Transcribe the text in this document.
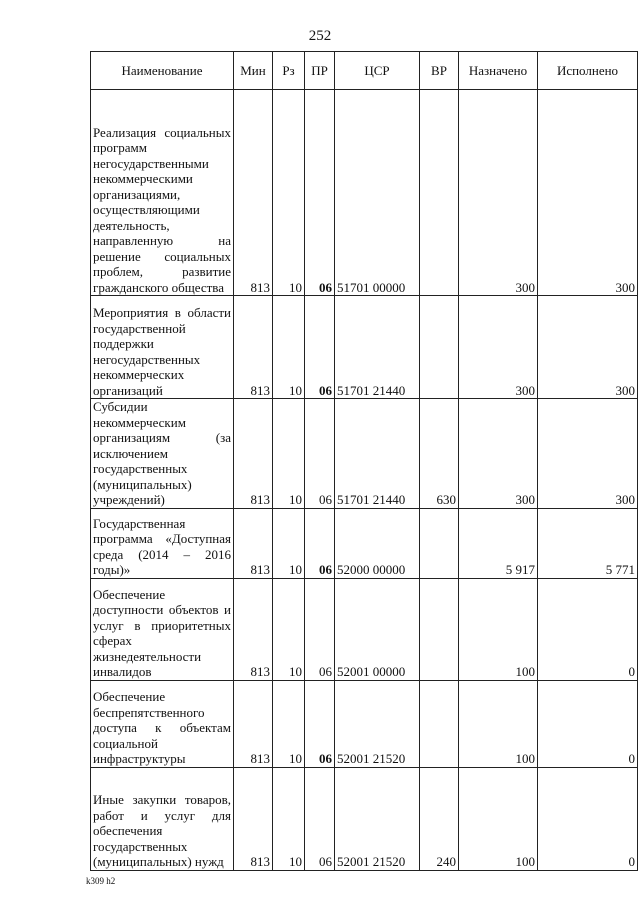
252
Наименование	Мин	Рз	ПР	ЦСР	ВР	Назначено	Исполнено
Реализация социальных программ негосударственными некоммерческими организациями, осуществляющими деятельность, направленную на решение социальных проблем, развитие гражданского общества	813	10	06	51701 00000		300	300
Мероприятия в области государственной поддержки негосударственных некоммерческих организаций	813	10	06	51701 21440		300	300
Субсидии некоммерческим организациям (за исключением государственных (муниципальных) учреждений)	813	10	06	51701 21440	630	300	300
Государственная программа «Доступная среда (2014 – 2016 годы)»	813	10	06	52000 00000		5 917	5 771
Обеспечение доступности объектов и услуг в приоритетных сферах жизнедеятельности инвалидов	813	10	06	52001 00000		100	0
Обеспечение беспрепятственного доступа к объектам социальной инфраструктуры	813	10	06	52001 21520		100	0
Иные закупки товаров, работ и услуг для обеспечения государственных (муниципальных) нужд	813	10	06	52001 21520	240	100	0
k309 h2
